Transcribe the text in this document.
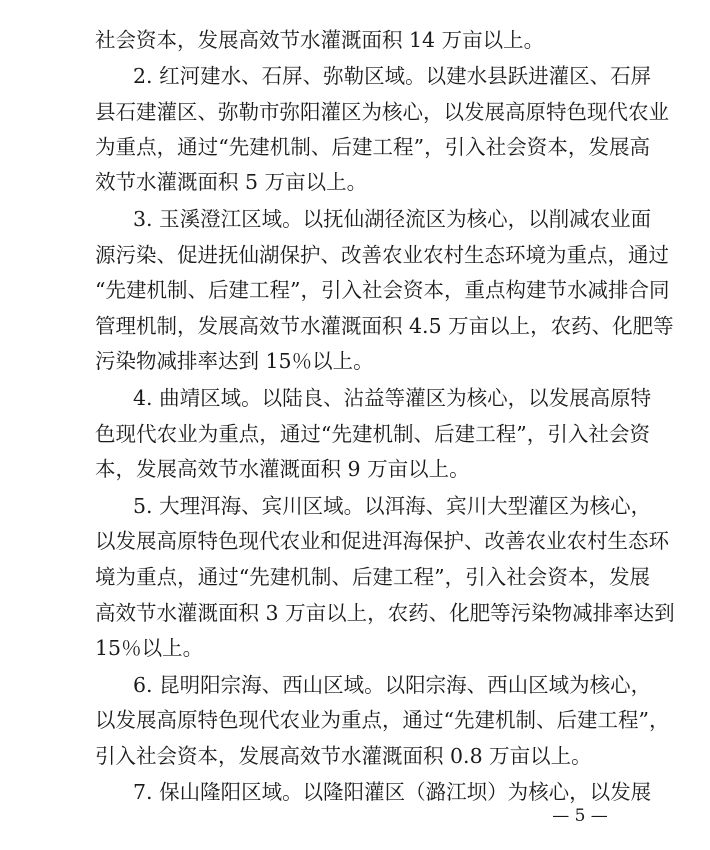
社会资本，发展高效节水灌溉面积 14 万亩以上。
2. 红河建水、石屏、弥勒区域。以建水县跃进灌区、石屏
县石建灌区、弥勒市弥阳灌区为核心，以发展高原特色现代农业
为重点，通过“先建机制、后建工程”，引入社会资本，发展高
效节水灌溉面积 5 万亩以上。
3. 玉溪澄江区域。以抚仙湖径流区为核心，以削减农业面
源污染、促进抚仙湖保护、改善农业农村生态环境为重点，通过
“先建机制、后建工程”，引入社会资本，重点构建节水减排合同
管理机制，发展高效节水灌溉面积 4.5 万亩以上，农药、化肥等
污染物减排率达到 15％以上。
4. 曲靖区域。以陆良、沾益等灌区为核心，以发展高原特
色现代农业为重点，通过“先建机制、后建工程”，引入社会资
本，发展高效节水灌溉面积 9 万亩以上。
5. 大理洱海、宾川区域。以洱海、宾川大型灌区为核心，
以发展高原特色现代农业和促进洱海保护、改善农业农村生态环
境为重点，通过“先建机制、后建工程”，引入社会资本，发展
高效节水灌溉面积 3 万亩以上，农药、化肥等污染物减排率达到
15％以上。
6. 昆明阳宗海、西山区域。以阳宗海、西山区域为核心，
以发展高原特色现代农业为重点，通过“先建机制、后建工程”，
引入社会资本，发展高效节水灌溉面积 0.8 万亩以上。
7. 保山隆阳区域。以隆阳灌区（潞江坝）为核心，以发展
— 5 —
